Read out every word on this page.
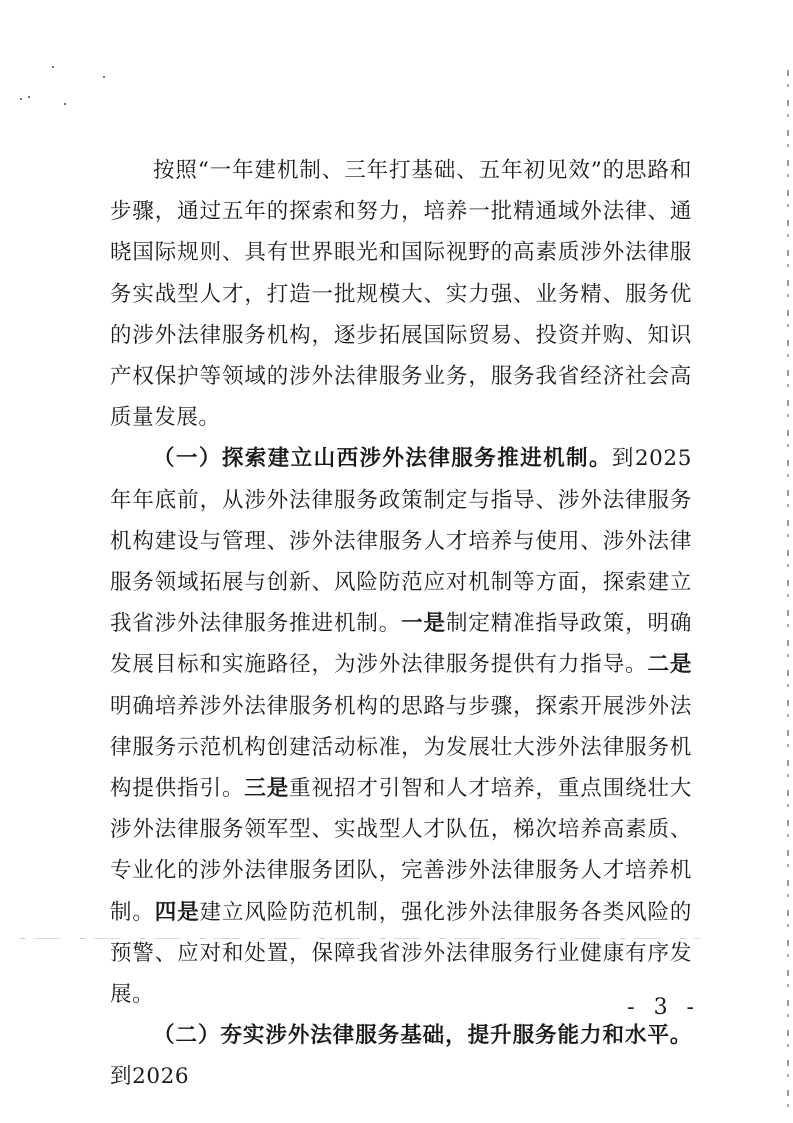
按照“一年建机制、三年打基础、五年初见效”的思路和步骤，通过五年的探索和努力，培养一批精通域外法律、通晓国际规则、具有世界眼光和国际视野的高素质涉外法律服务实战型人才，打造一批规模大、实力强、业务精、服务优的涉外法律服务机构，逐步拓展国际贸易、投资并购、知识产权保护等领域的涉外法律服务业务，服务我省经济社会高质量发展。

（一）探索建立山西涉外法律服务推进机制。到2025年年底前，从涉外法律服务政策制定与指导、涉外法律服务机构建设与管理、涉外法律服务人才培养与使用、涉外法律服务领域拓展与创新、风险防范应对机制等方面，探索建立我省涉外法律服务推进机制。一是制定精准指导政策，明确发展目标和实施路径，为涉外法律服务提供有力指导。二是明确培养涉外法律服务机构的思路与步骤，探索开展涉外法律服务示范机构创建活动标准，为发展壮大涉外法律服务机构提供指引。三是重视招才引智和人才培养，重点围绕壮大涉外法律服务领军型、实战型人才队伍，梯次培养高素质、专业化的涉外法律服务团队，完善涉外法律服务人才培养机制。四是建立风险防范机制，强化涉外法律服务各类风险的预警、应对和处置，保障我省涉外法律服务行业健康有序发展。

（二）夯实涉外法律服务基础，提升服务能力和水平。到2026

- 3 -
